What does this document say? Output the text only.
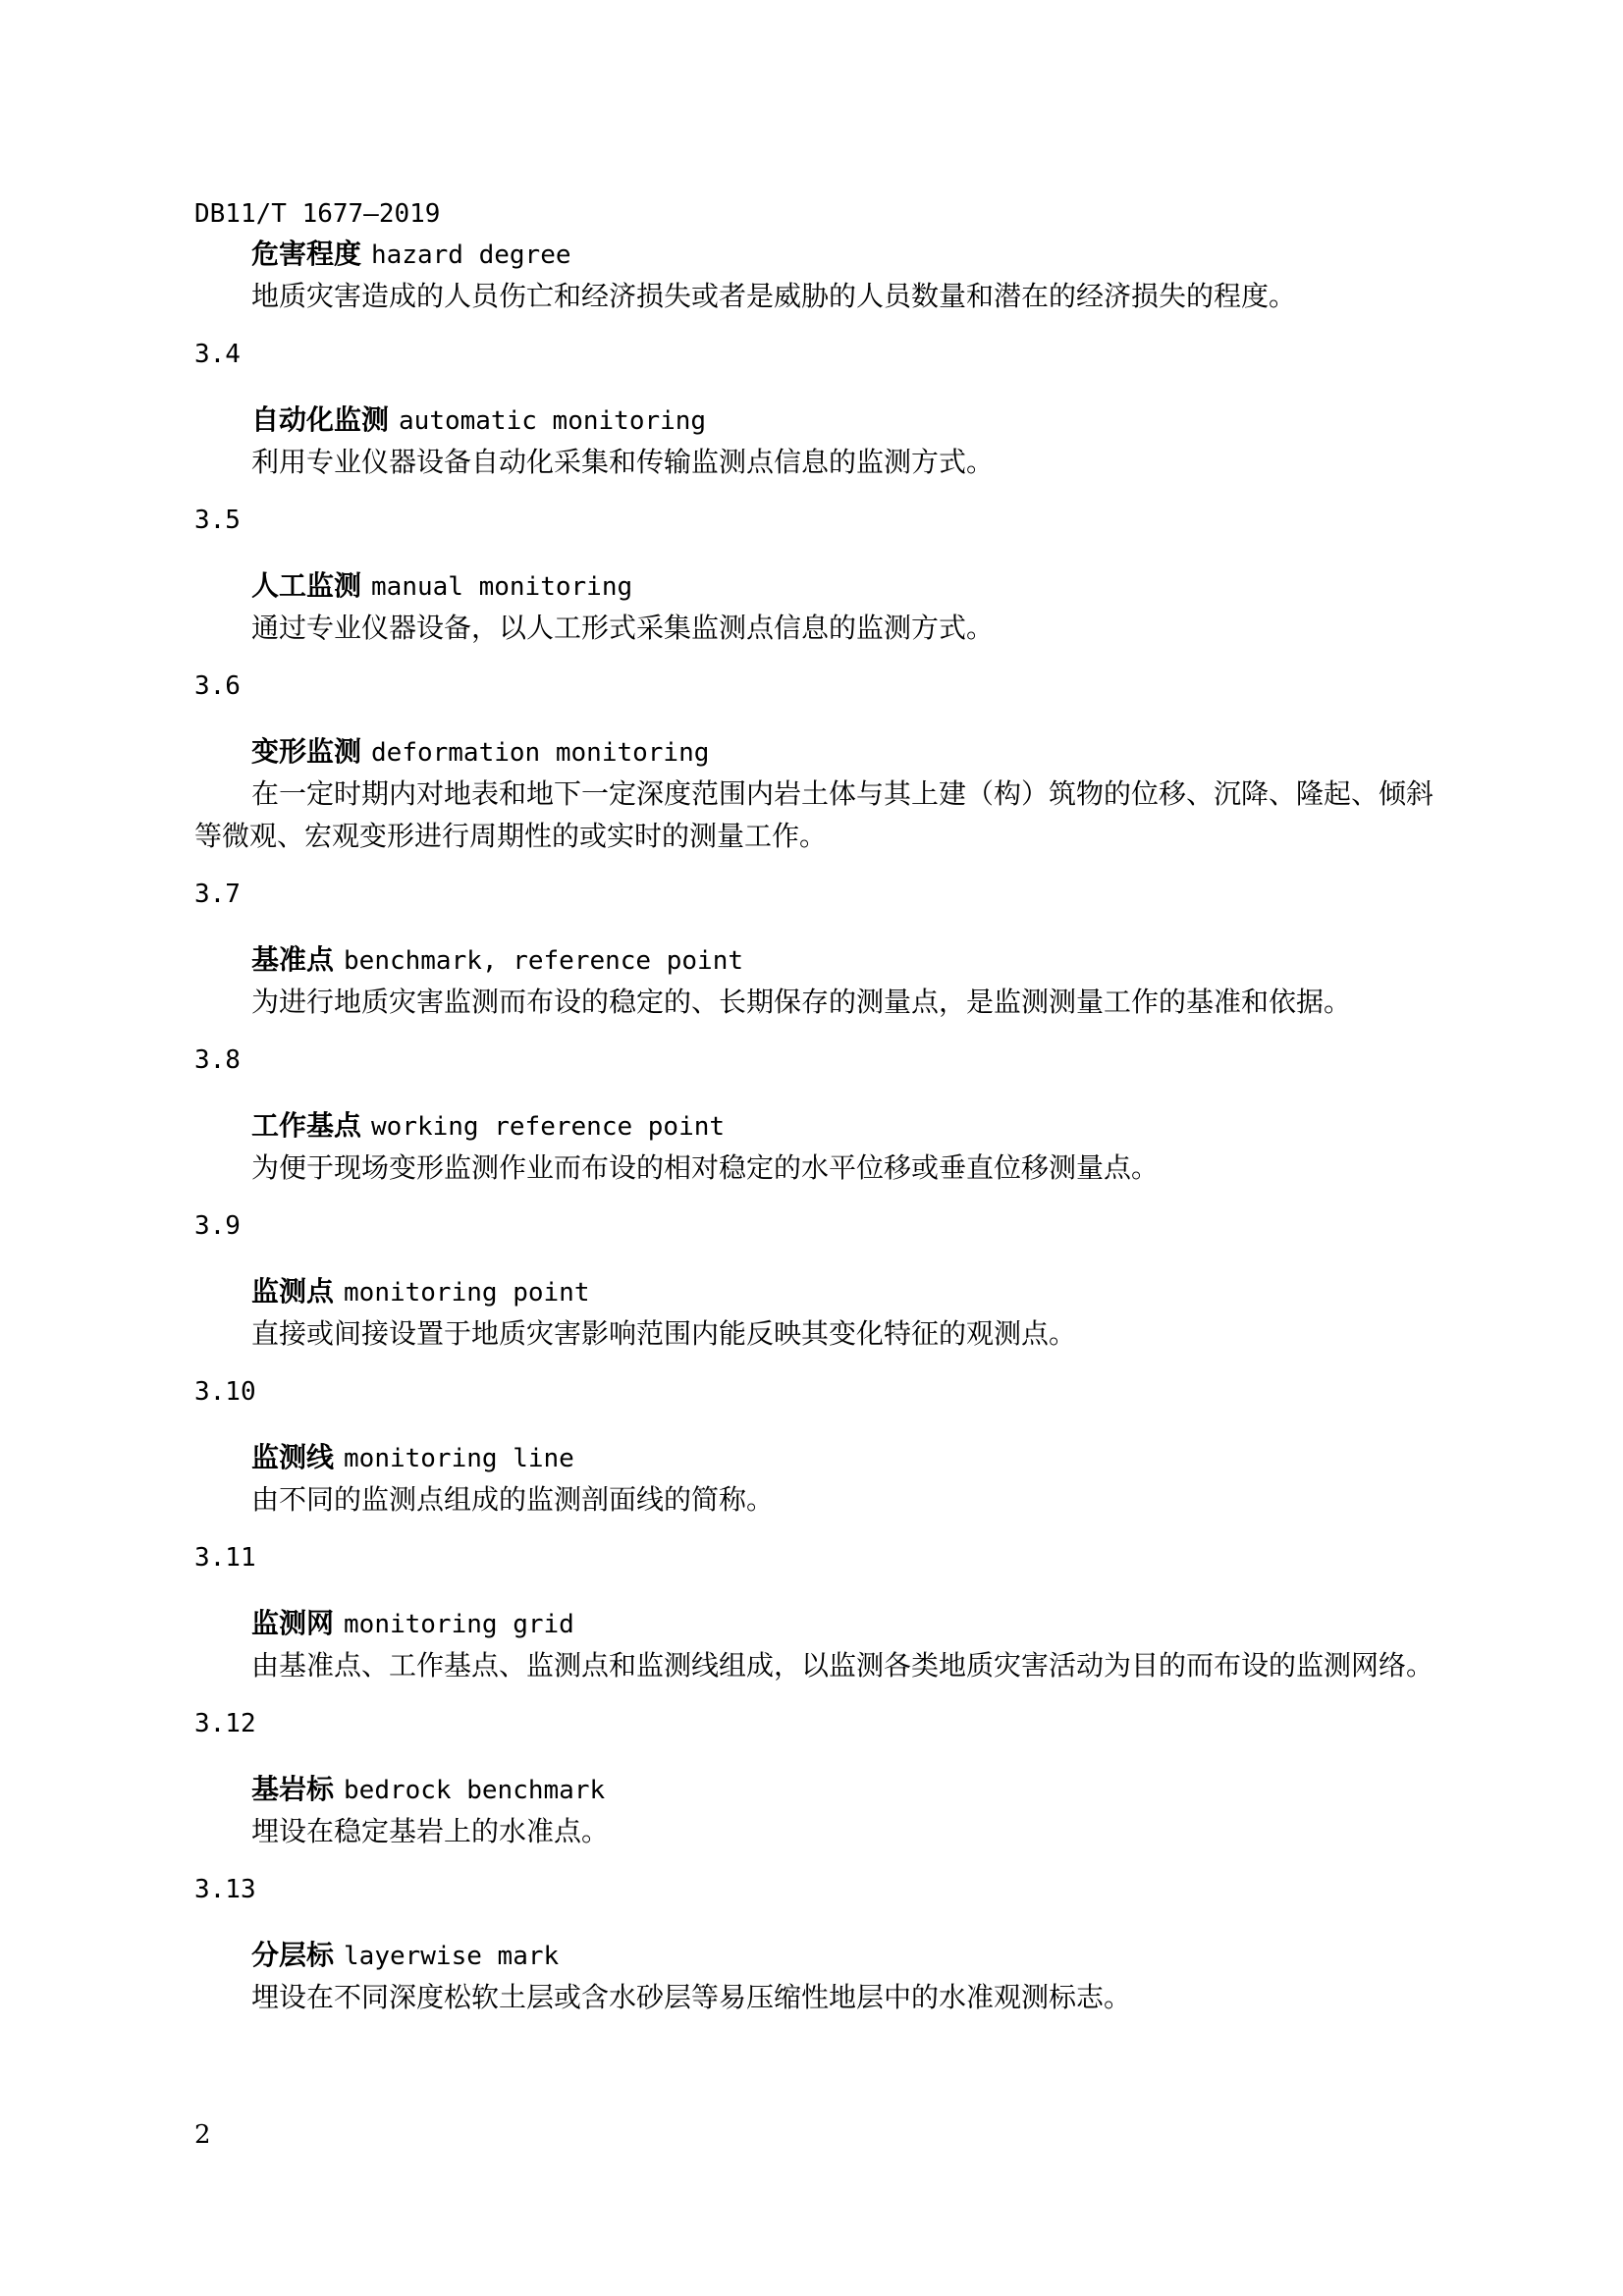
DB11/T 1677—2019
危害程度 hazard degree
地质灾害造成的人员伤亡和经济损失或者是威胁的人员数量和潜在的经济损失的程度。
3.4
自动化监测 automatic monitoring
利用专业仪器设备自动化采集和传输监测点信息的监测方式。
3.5
人工监测 manual monitoring
通过专业仪器设备，以人工形式采集监测点信息的监测方式。
3.6
变形监测 deformation monitoring
在一定时期内对地表和地下一定深度范围内岩土体与其上建（构）筑物的位移、沉降、隆起、倾斜
等微观、宏观变形进行周期性的或实时的测量工作。
3.7
基准点 benchmark, reference point
为进行地质灾害监测而布设的稳定的、长期保存的测量点，是监测测量工作的基准和依据。
3.8
工作基点 working reference point
为便于现场变形监测作业而布设的相对稳定的水平位移或垂直位移测量点。
3.9
监测点 monitoring point
直接或间接设置于地质灾害影响范围内能反映其变化特征的观测点。
3.10
监测线 monitoring line
由不同的监测点组成的监测剖面线的简称。
3.11
监测网 monitoring grid
由基准点、工作基点、监测点和监测线组成，以监测各类地质灾害活动为目的而布设的监测网络。
3.12
基岩标 bedrock benchmark
埋设在稳定基岩上的水准点。
3.13
分层标 layerwise mark
埋设在不同深度松软土层或含水砂层等易压缩性地层中的水准观测标志。
2
